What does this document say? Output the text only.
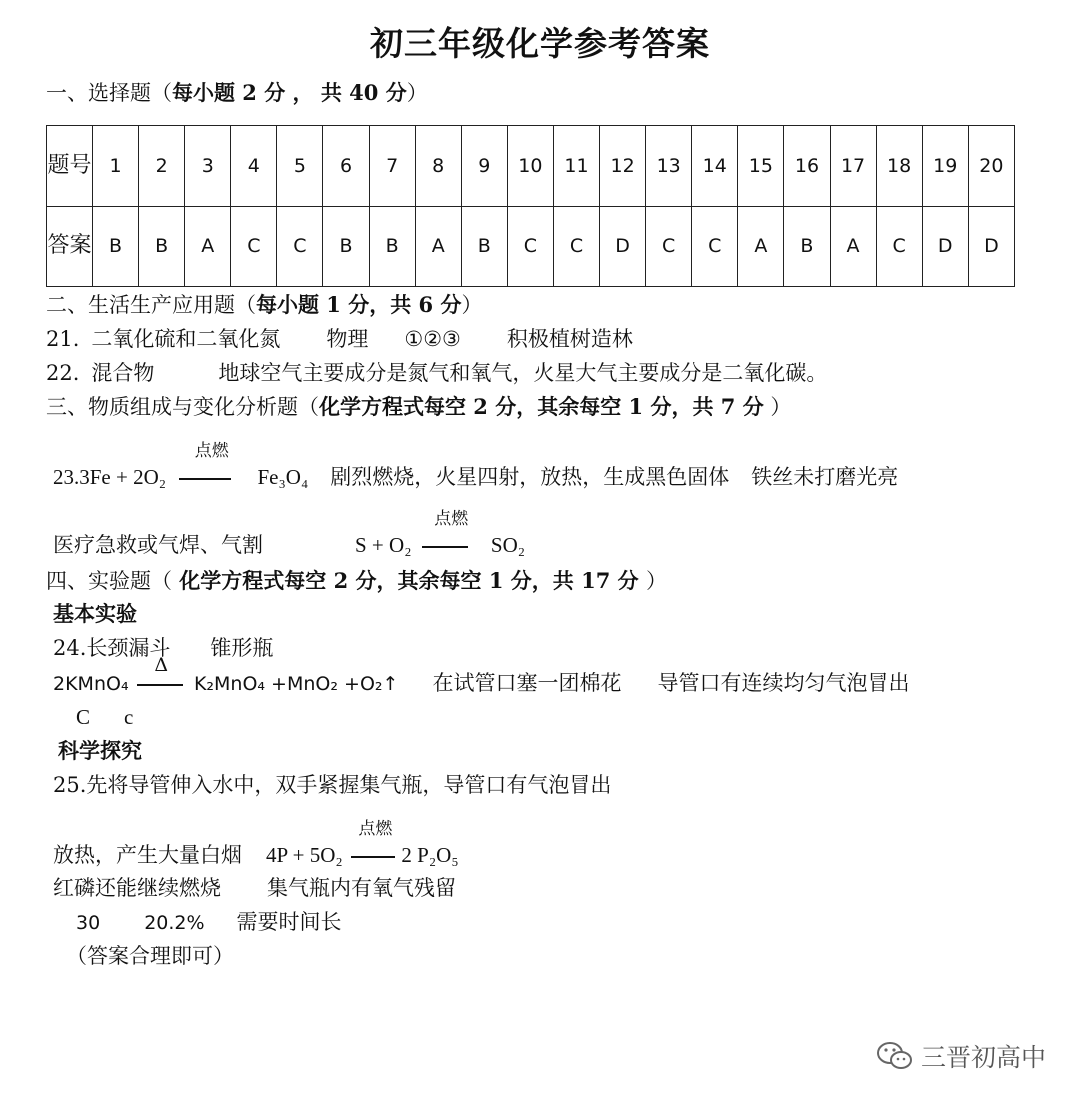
初三年级化学参考答案
一、选择题（每小题 2 分 ， 共 40 分）
题号	1	2	3	4	5	6	7	8	9	10	11	12	13	14	15	16	17	18	19	20
答案	B	B	A	C	C	B	B	A	B	C	C	D	C	C	A	B	A	C	D	D
二、生活生产应用题（每小题 1 分，共 6 分）
21. 二氧化硫和二氧化氮 物理 ①②③ 积极植树造林
22. 混合物	地球空气主要成分是氮气和氧气，火星大气主要成分是二氧化碳。
三、物质组成与变化分析题（化学方程式每空 2 分，其余每空 1 分，共 7 分 ）
23.3Fe + 2O₂
点燃
Fe₃O₄ 剧烈燃烧，火星四射，放热，生成黑色固体 铁丝未打磨光亮
医疗急救或气焊、气割	S + O₂
点燃
SO₂
四、实验题（ 化学方程式每空 2 分，其余每空 1 分，共 17 分 ）
基本实验
24.长颈漏斗 锥形瓶
2KMnO₄
Δ
K₂MnO₄ +MnO₂ +O₂↑ 在试管口塞一团棉花 导管口有连续均匀气泡冒出
C c
科学探究
25.先将导管伸入水中，双手紧握集气瓶，导管口有气泡冒出
放热，产生大量白烟 4P + 5O₂
点燃
2 P₂O₅
红磷还能继续燃烧 集气瓶内有氧气残留
30 20.2% 需要时间长
（答案合理即可）
三晋初高中
